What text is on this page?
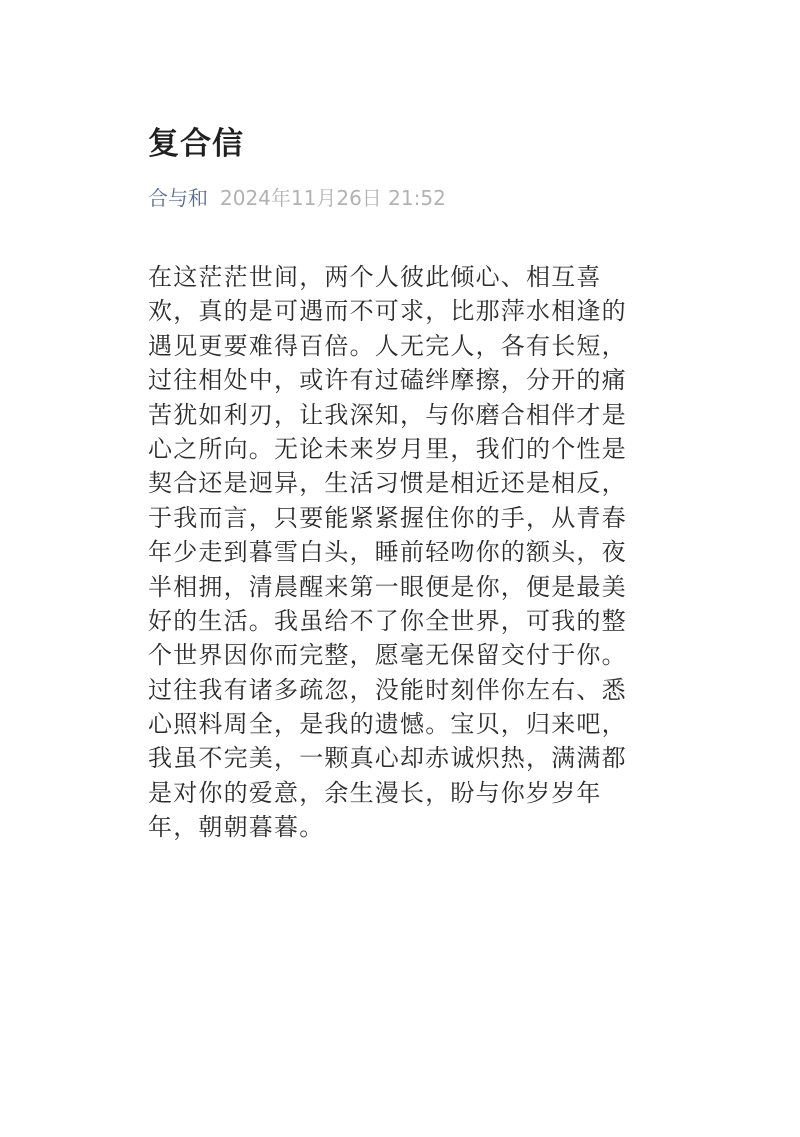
复合信
合与和 2024年11月26日 21:52
在这茫茫世间，两个人彼此倾心、相互喜
欢，真的是可遇而不可求，比那萍水相逢的
遇见更要难得百倍。人无完人，各有长短，
过往相处中，或许有过磕绊摩擦，分开的痛
苦犹如利刃，让我深知，与你磨合相伴才是
心之所向。无论未来岁月里，我们的个性是
契合还是迥异，生活习惯是相近还是相反，
于我而言，只要能紧紧握住你的手，从青春
年少走到暮雪白头，睡前轻吻你的额头，夜
半相拥，清晨醒来第一眼便是你，便是最美
好的生活。我虽给不了你全世界，可我的整
个世界因你而完整，愿毫无保留交付于你。
过往我有诸多疏忽，没能时刻伴你左右、悉
心照料周全，是我的遗憾。宝贝，归来吧，
我虽不完美，一颗真心却赤诚炽热，满满都
是对你的爱意，余生漫长，盼与你岁岁年
年，朝朝暮暮。
